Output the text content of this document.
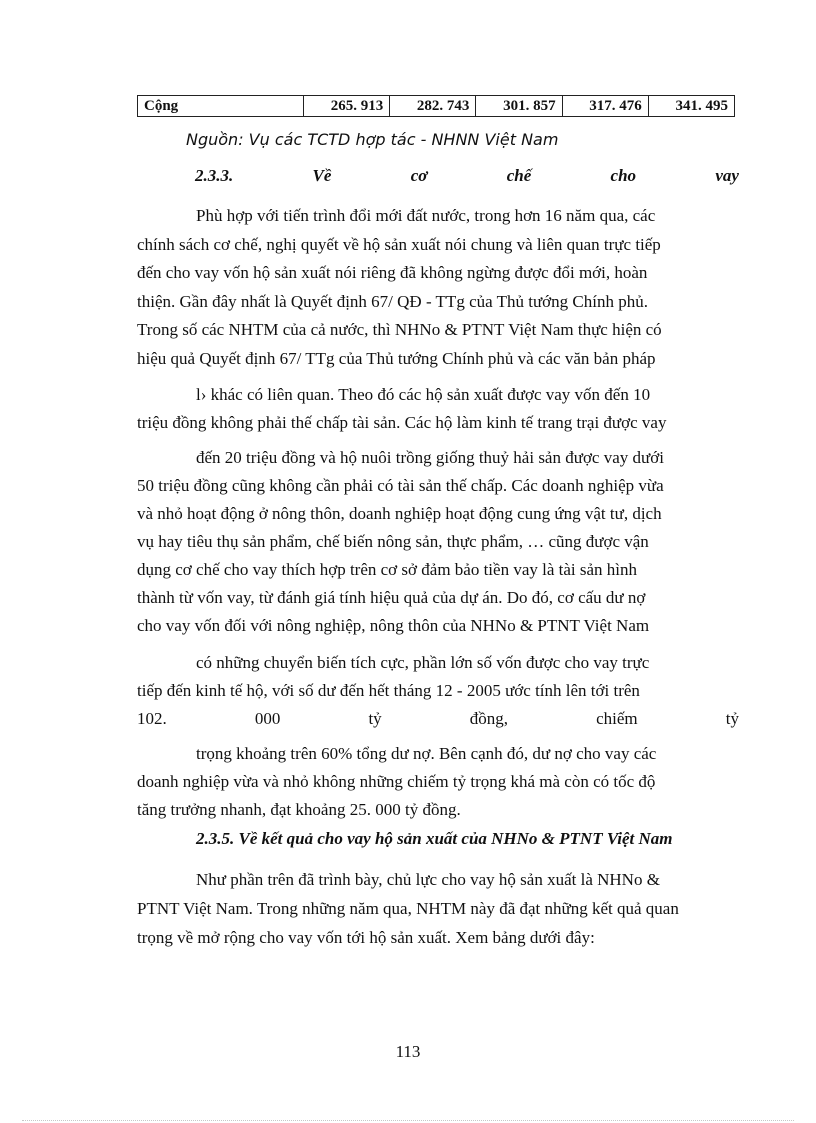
Cộng	265. 913	282. 743	301. 857	317. 476	341. 495
Nguồn: Vụ các TCTD hợp tác - NHNN Việt Nam
2.3.3.	Về	cơ	chế	cho	vay
Phù hợp với tiến trình đổi mới đất nước, trong hơn 16 năm qua, các
chính sách cơ chế, nghị quyết về hộ sản xuất nói chung và liên quan trực tiếp
đến cho vay vốn hộ sản xuất nói riêng đã không ngừng được đổi mới, hoàn
thiện. Gần đây nhất là Quyết định 67/ QĐ - TTg của Thủ tướng Chính phủ.
Trong số các NHTM của cả nước, thì NHNo & PTNT Việt Nam thực hiện có
hiệu quả Quyết định 67/ TTg của Thủ tướng Chính phủ và các văn bản pháp
l› khác có liên quan. Theo đó các hộ sản xuất được vay vốn đến 10
triệu đồng không phải thế chấp tài sản. Các hộ làm kinh tế trang trại được vay
đến 20 triệu đồng và hộ nuôi trồng giống thuỷ hải sản được vay dưới
50 triệu đồng cũng không cần phải có tài sản thế chấp. Các doanh nghiệp vừa
và nhỏ hoạt động ở nông thôn, doanh nghiệp hoạt động cung ứng vật tư, dịch
vụ hay tiêu thụ sản phẩm, chế biến nông sản, thực phẩm, … cũng được vận
dụng cơ chế cho vay thích hợp trên cơ sở đảm bảo tiền vay là tài sản hình
thành từ vốn vay, từ đánh giá tính hiệu quả của dự án. Do đó, cơ cấu dư nợ
cho vay vốn đối với nông nghiệp, nông thôn của NHNo & PTNT Việt Nam
có những chuyển biến tích cực, phần lớn số vốn được cho vay trực
tiếp đến kinh tế hộ, với số dư đến hết tháng 12 - 2005 ước tính lên tới trên
102.	000	tỷ	đồng,	chiếm	tỷ
trọng khoảng trên 60% tổng dư nợ. Bên cạnh đó, dư nợ cho vay các
doanh nghiệp vừa và nhỏ không những chiếm tỷ trọng khá mà còn có tốc độ
tăng trưởng nhanh, đạt khoảng 25. 000 tỷ đồng.
2.3.5. Về kết quả cho vay hộ sản xuất của NHNo & PTNT Việt Nam
Như phần trên đã trình bày, chủ lực cho vay hộ sản xuất là NHNo &
PTNT Việt Nam. Trong những năm qua, NHTM này đã đạt những kết quả quan
trọng về mở rộng cho vay vốn tới hộ sản xuất. Xem bảng dưới đây:
113
